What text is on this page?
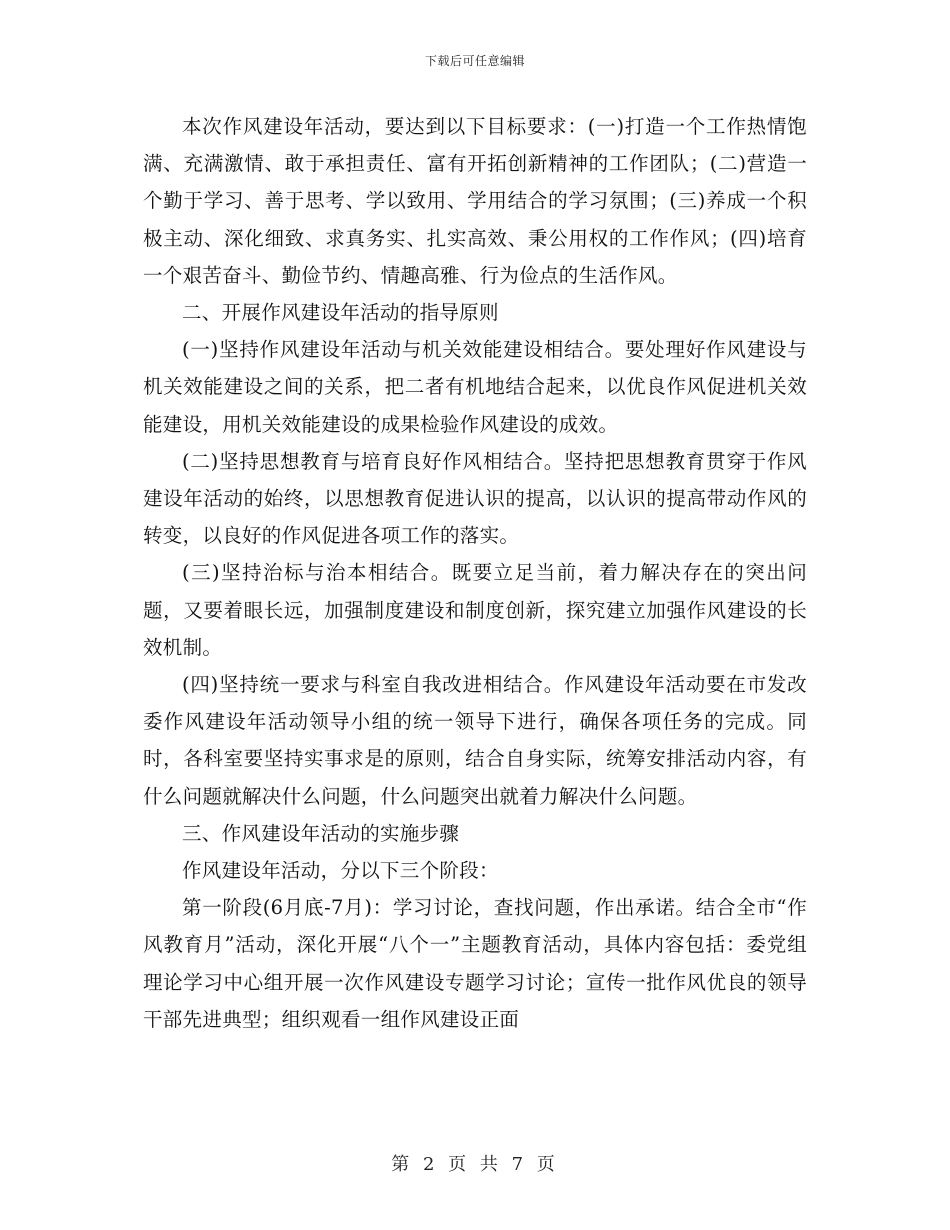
下载后可任意编辑

本次作风建设年活动，要达到以下目标要求：(一)打造一个工作热情饱满、充满激情、敢于承担责任、富有开拓创新精神的工作团队；(二)营造一个勤于学习、善于思考、学以致用、学用结合的学习氛围；(三)养成一个积极主动、深化细致、求真务实、扎实高效、秉公用权的工作作风；(四)培育一个艰苦奋斗、勤俭节约、情趣高雅、行为俭点的生活作风。

二、开展作风建设年活动的指导原则

(一)坚持作风建设年活动与机关效能建设相结合。要处理好作风建设与机关效能建设之间的关系，把二者有机地结合起来，以优良作风促进机关效能建设，用机关效能建设的成果检验作风建设的成效。

(二)坚持思想教育与培育良好作风相结合。坚持把思想教育贯穿于作风建设年活动的始终，以思想教育促进认识的提高，以认识的提高带动作风的转变，以良好的作风促进各项工作的落实。

(三)坚持治标与治本相结合。既要立足当前，着力解决存在的突出问题，又要着眼长远，加强制度建设和制度创新，探究建立加强作风建设的长效机制。

(四)坚持统一要求与科室自我改进相结合。作风建设年活动要在市发改委作风建设年活动领导小组的统一领导下进行，确保各项任务的完成。同时，各科室要坚持实事求是的原则，结合自身实际，统筹安排活动内容，有什么问题就解决什么问题，什么问题突出就着力解决什么问题。

三、作风建设年活动的实施步骤

作风建设年活动，分以下三个阶段：

第一阶段(6月底-7月)：学习讨论，查找问题，作出承诺。结合全市“作风教育月”活动，深化开展“八个一”主题教育活动，具体内容包括：委党组理论学习中心组开展一次作风建设专题学习讨论；宣传一批作风优良的领导干部先进典型；组织观看一组作风建设正面

第 2 页 共 7 页
